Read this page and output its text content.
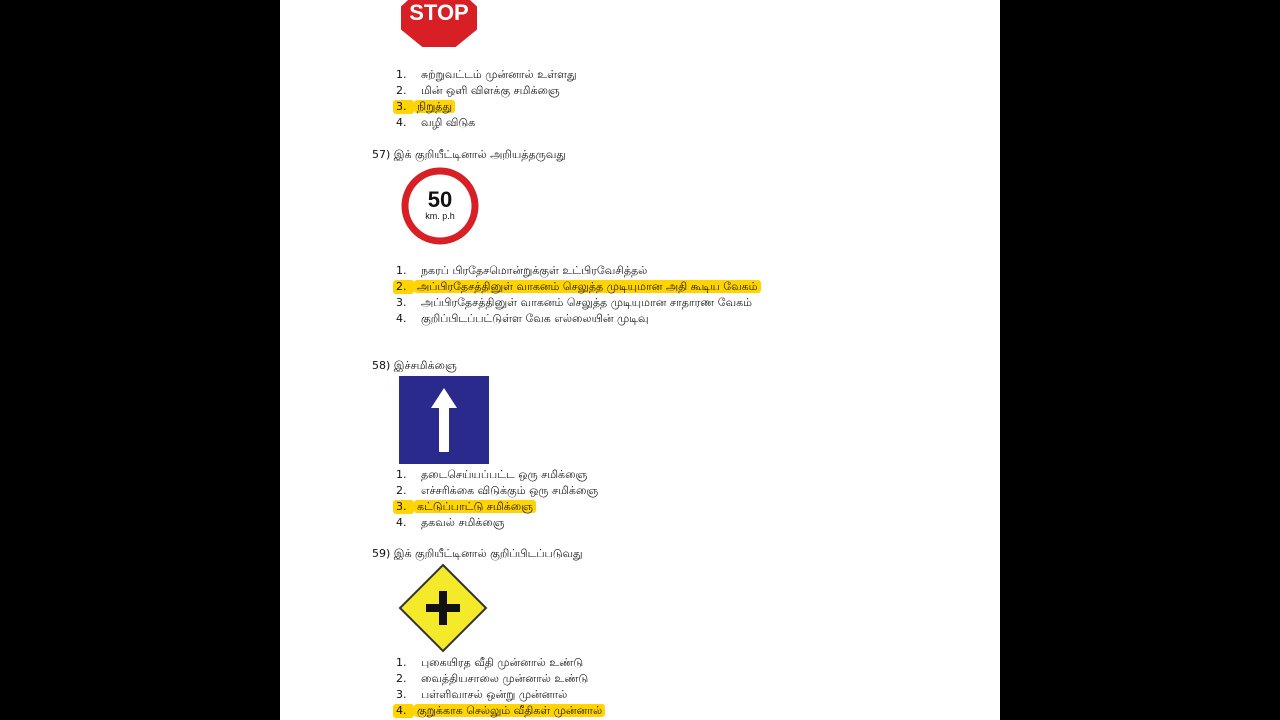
STOP
1. சுற்றுவட்டம் முன்னால் உள்ளது
2. மின் ஒளி விளக்கு சமிக்ஞை
3. நிறுத்து
4. வழி விடுக
57) இக் குறியீட்டினால் அறியத்தருவது
50
km. p.h
1. நகரப் பிரதேசமொன்றுக்குள் உட்பிரவேசித்தல்
2. அப்பிரதேசத்தினுள் வாகனம் செலுத்த முடியுமான அதி கூடிய வேகம்
3. அப்பிரதேசத்தினுள் வாகனம் செலுத்த முடியுமான சாதாரண வேகம்
4. குறிப்பிடப்பட்டுள்ள வேக எல்லையின் முடிவு
58) இச்சமிக்ஞை
1. தடைசெய்யப்பட்ட ஒரு சமிக்ஞை
2. எச்சரிக்கை விடுக்கும் ஒரு சமிக்ஞை
3. கட்டுப்பாட்டு சமிக்ஞை
4. தகவல் சமிக்ஞை
59) இக் குறியீட்டினால் குறிப்பிடப்படுவது
1. புகையிரத வீதி முன்னால் உண்டு
2. வைத்தியசாலை முன்னால் உண்டு
3. பள்ளிவாசல் ஒன்று முன்னால்
4. குறுக்காக செல்லும் வீதிகள் முன்னால்
